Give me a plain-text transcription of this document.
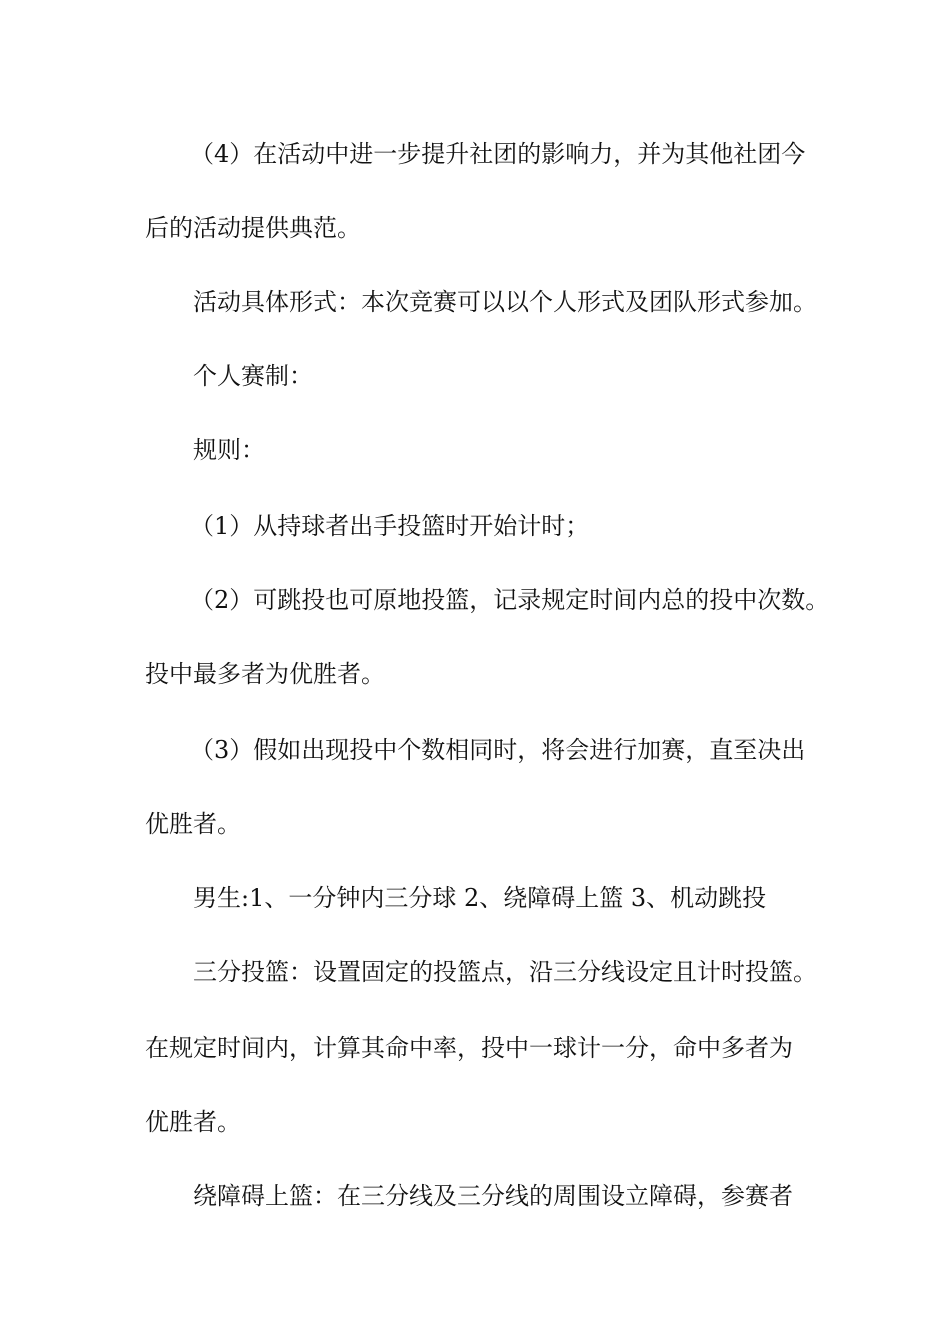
（4）在活动中进一步提升社团的影响力，并为其他社团今
后的活动提供典范。
活动具体形式：本次竞赛可以以个人形式及团队形式参加。
个人赛制：
规则：
（1）从持球者出手投篮时开始计时；
（2）可跳投也可原地投篮，记录规定时间内总的投中次数。
投中最多者为优胜者。
（3）假如出现投中个数相同时，将会进行加赛，直至决出
优胜者。
男生:1、一分钟内三分球 2、绕障碍上篮 3、机动跳投
三分投篮：设置固定的投篮点，沿三分线设定且计时投篮。
在规定时间内，计算其命中率，投中一球计一分，命中多者为
优胜者。
绕障碍上篮：在三分线及三分线的周围设立障碍，参赛者
